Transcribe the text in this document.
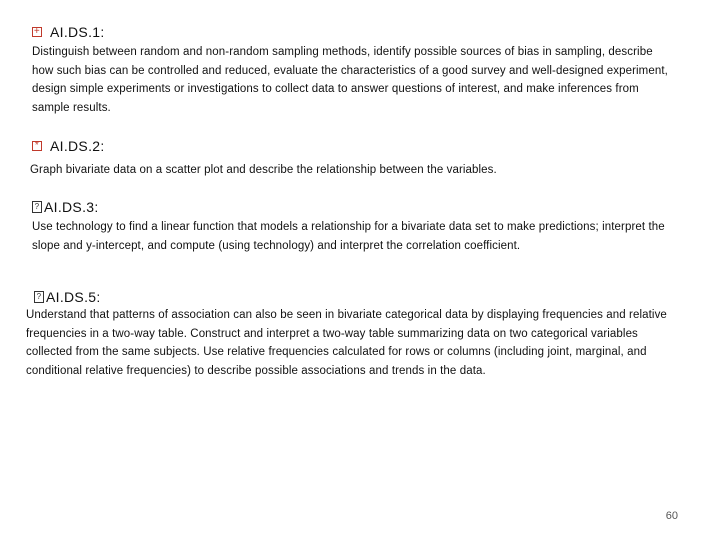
+ AI.DS.1:
Distinguish between random and non-random sampling methods, identify possible sources of bias in sampling, describe how such bias can be controlled and reduced, evaluate the characteristics of a good survey and well-designed experiment, design simple experiments or investigations to collect data to answer questions of interest, and make inferences from sample results.
* AI.DS.2:
Graph bivariate data on a scatter plot and describe the relationship between the variables.
? AI.DS.3:
Use technology to find a linear function that models a relationship for a bivariate data set to make predictions; interpret the slope and y-intercept, and compute (using technology) and interpret the correlation coefficient.
? AI.DS.5:
Understand that patterns of association can also be seen in bivariate categorical data by displaying frequencies and relative frequencies in a two-way table. Construct and interpret a two-way table summarizing data on two categorical variables collected from the same subjects. Use relative frequencies calculated for rows or columns (including joint, marginal, and conditional relative frequencies) to describe possible associations and trends in the data.
60
